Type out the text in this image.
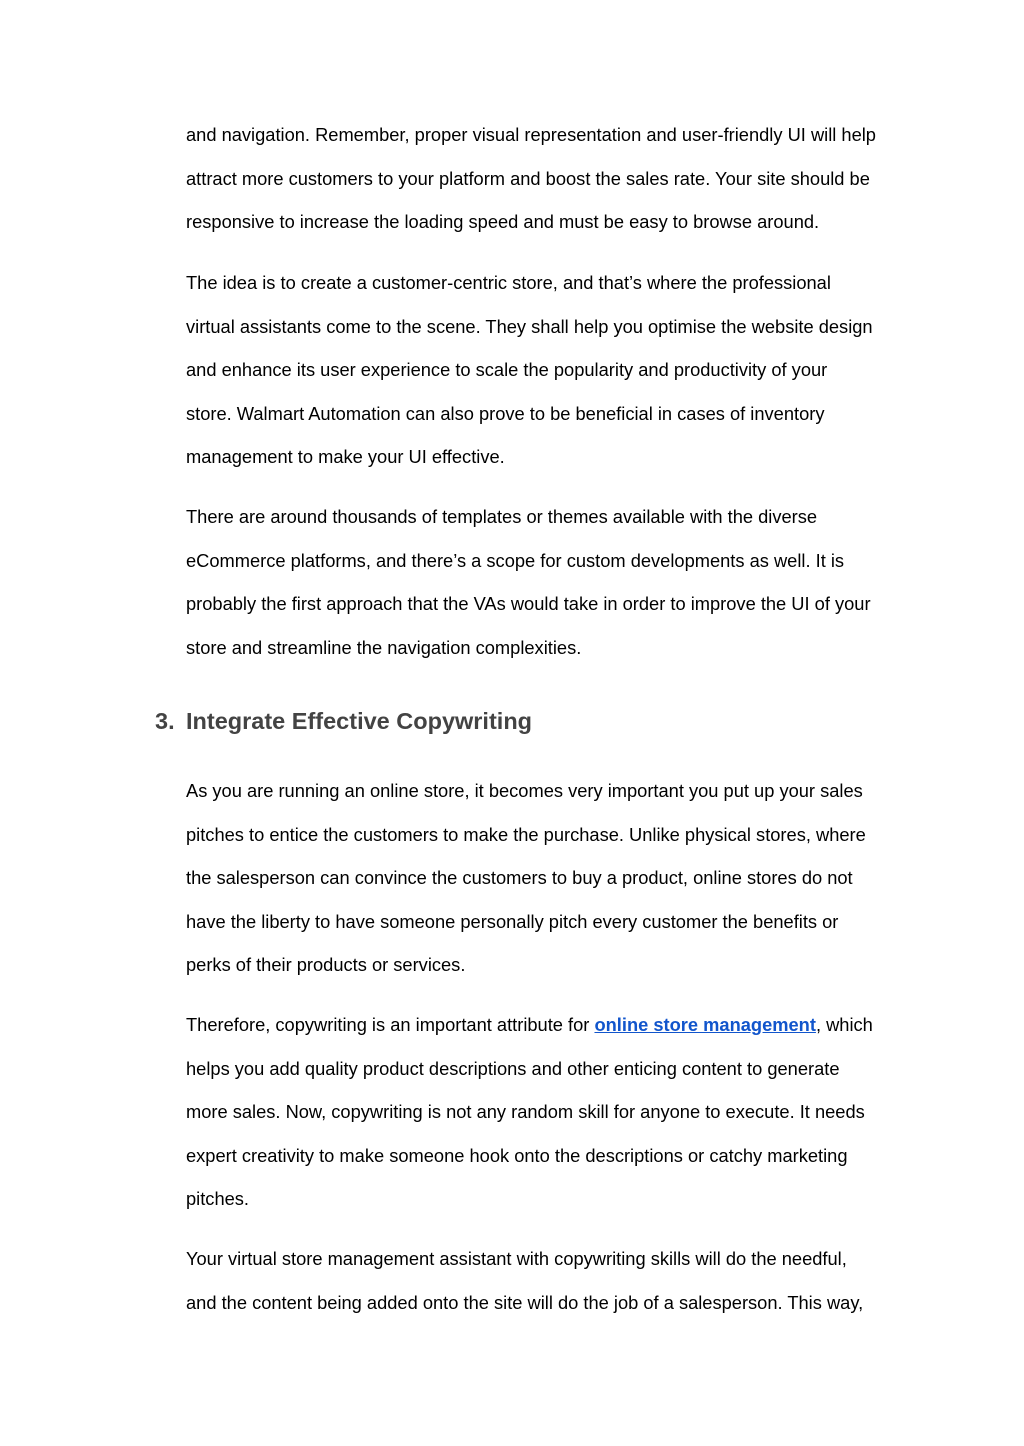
and navigation. Remember, proper visual representation and user-friendly UI will help
attract more customers to your platform and boost the sales rate. Your site should be
responsive to increase the loading speed and must be easy to browse around.

The idea is to create a customer-centric store, and that’s where the professional
virtual assistants come to the scene. They shall help you optimise the website design
and enhance its user experience to scale the popularity and productivity of your
store. Walmart Automation can also prove to be beneficial in cases of inventory
management to make your UI effective.

There are around thousands of templates or themes available with the diverse
eCommerce platforms, and there’s a scope for custom developments as well. It is
probably the first approach that the VAs would take in order to improve the UI of your
store and streamline the navigation complexities.

3. Integrate Effective Copywriting

As you are running an online store, it becomes very important you put up your sales
pitches to entice the customers to make the purchase. Unlike physical stores, where
the salesperson can convince the customers to buy a product, online stores do not
have the liberty to have someone personally pitch every customer the benefits or
perks of their products or services.

Therefore, copywriting is an important attribute for online store management, which
helps you add quality product descriptions and other enticing content to generate
more sales. Now, copywriting is not any random skill for anyone to execute. It needs
expert creativity to make someone hook onto the descriptions or catchy marketing
pitches.

Your virtual store management assistant with copywriting skills will do the needful,
and the content being added onto the site will do the job of a salesperson. This way,
